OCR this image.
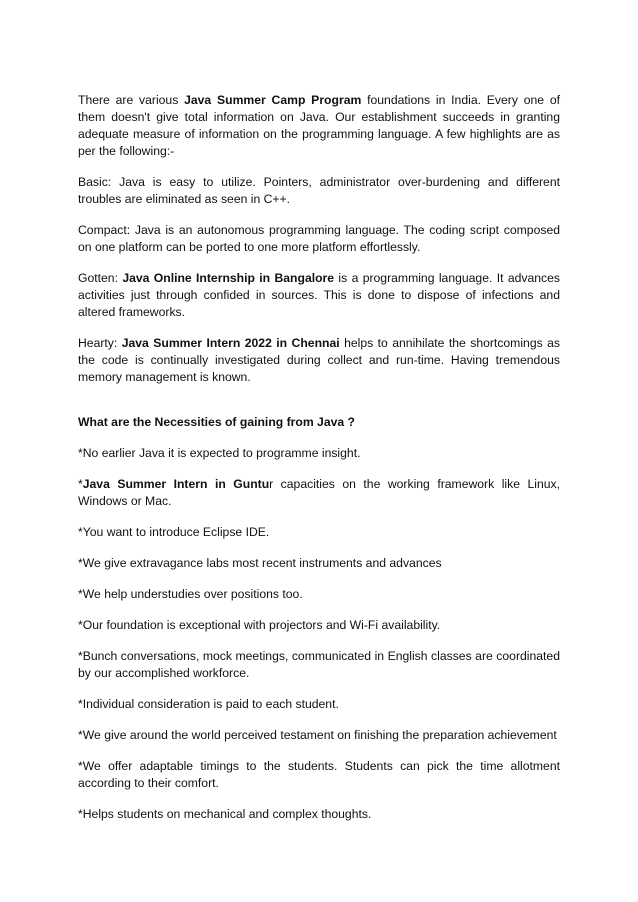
There are various Java Summer Camp Program foundations in India. Every one of them doesn't give total information on Java. Our establishment succeeds in granting adequate measure of information on the programming language. A few highlights are as per the following:-

Basic: Java is easy to utilize. Pointers, administrator over-burdening and different troubles are eliminated as seen in C++.

Compact: Java is an autonomous programming language. The coding script composed on one platform can be ported to one more platform effortlessly.

Gotten: Java Online Internship in Bangalore is a programming language. It advances activities just through confided in sources. This is done to dispose of infections and altered frameworks.

Hearty: Java Summer Intern 2022 in Chennai helps to annihilate the shortcomings as the code is continually investigated during collect and run-time. Having tremendous memory management is known.

What are the Necessities of gaining from Java ?

*No earlier Java it is expected to programme insight.

*Java Summer Intern in Guntur capacities on the working framework like Linux, Windows or Mac.

*You want to introduce Eclipse IDE.

*We give extravagance labs most recent instruments and advances

*We help understudies over positions too.

*Our foundation is exceptional with projectors and Wi-Fi availability.

*Bunch conversations, mock meetings, communicated in English classes are coordinated by our accomplished workforce.

*Individual consideration is paid to each student.

*We give around the world perceived testament on finishing the preparation achievement

*We offer adaptable timings to the students. Students can pick the time allotment according to their comfort.

*Helps students on mechanical and complex thoughts.
